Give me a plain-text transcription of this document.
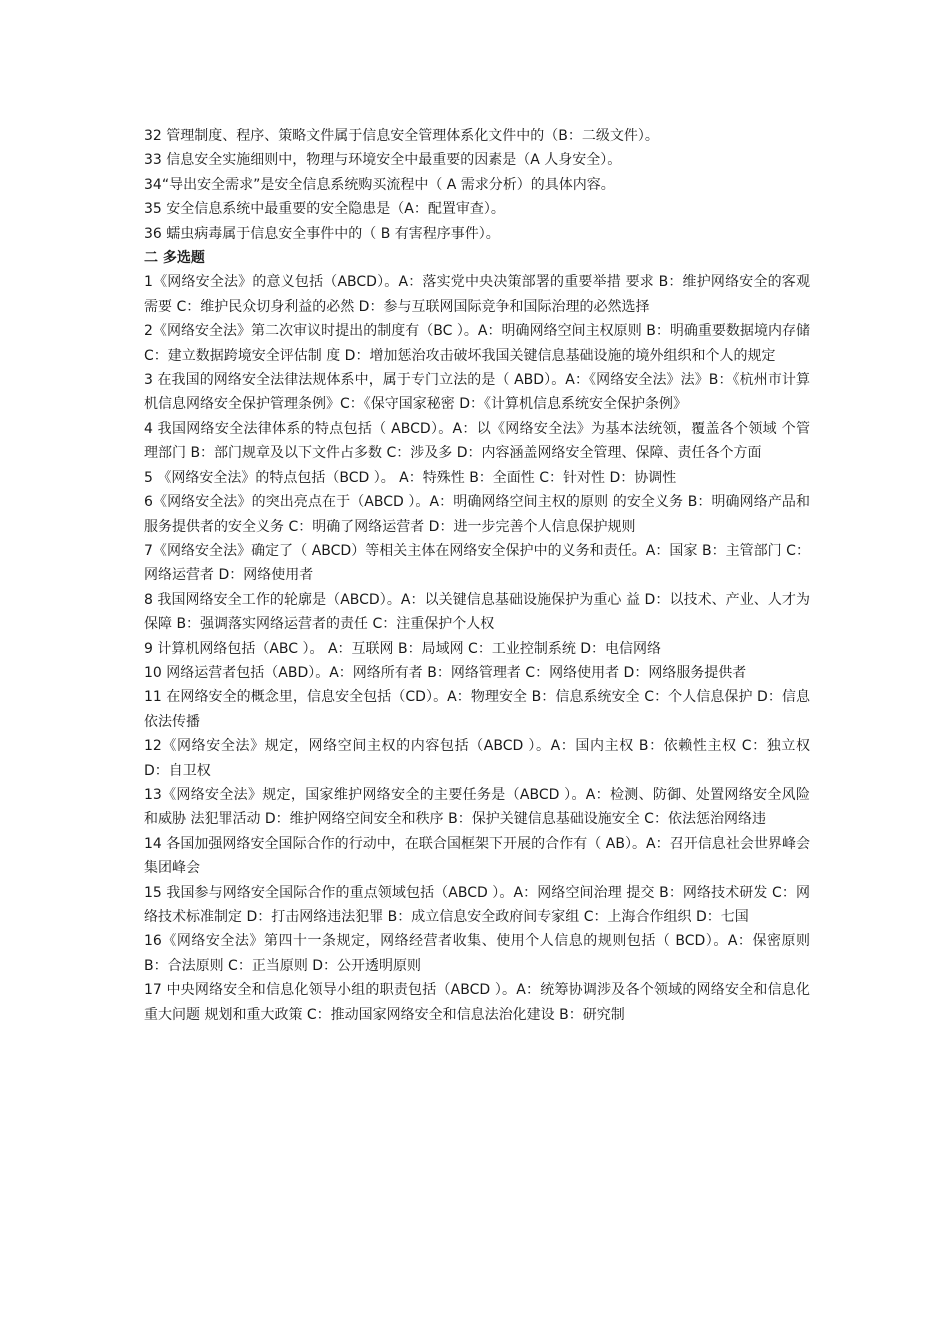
32 管理制度、程序、策略文件属于信息安全管理体系化文件中的（B：二级文件）。

33 信息安全实施细则中，物理与环境安全中最重要的因素是（A 人身安全）。

34“导出安全需求”是安全信息系统购买流程中（ A 需求分析）的具体内容。

35 安全信息系统中最重要的安全隐患是（A：配置审查）。

36 蠕虫病毒属于信息安全事件中的（ B 有害程序事件）。

二 多选题

1《网络安全法》的意义包括（ABCD）。A：落实党中央决策部署的重要举措 要求 B：维护网络安全的客观需要 C：维护民众切身利益的必然 D：参与互联网国际竞争和国际治理的必然选择

2《网络安全法》第二次审议时提出的制度有（BC ）。A：明确网络空间主权原则 B：明确重要数据境内存储 C：建立数据跨境安全评估制 度 D：增加惩治攻击破坏我国关键信息基础设施的境外组织和个人的规定

3 在我国的网络安全法律法规体系中，属于专门立法的是（ ABD）。A：《网络安全法》法》B：《杭州市计算机信息网络安全保护管理条例》C：《保守国家秘密 D：《计算机信息系统安全保护条例》

4 我国网络安全法律体系的特点包括（ ABCD）。A：以《网络安全法》为基本法统领，覆盖各个领域 个管理部门 B：部门规章及以下文件占多数 C：涉及多 D：内容涵盖网络安全管理、保障、责任各个方面

5 《网络安全法》的特点包括（BCD ）。 A：特殊性 B：全面性 C：针对性 D：协调性

6《网络安全法》的突出亮点在于（ABCD ）。A：明确网络空间主权的原则 的安全义务 B：明确网络产品和服务提供者的安全义务 C：明确了网络运营者 D：进一步完善个人信息保护规则

7《网络安全法》确定了（ ABCD）等相关主体在网络安全保护中的义务和责任。A：国家 B：主管部门 C：网络运营者 D：网络使用者

8 我国网络安全工作的轮廓是（ABCD）。A：以关键信息基础设施保护为重心 益 D：以技术、产业、人才为保障 B：强调落实网络运营者的责任 C：注重保护个人权

9 计算机网络包括（ABC ）。 A：互联网 B：局域网 C：工业控制系统 D：电信网络

10 网络运营者包括（ABD）。A：网络所有者 B：网络管理者 C：网络使用者 D：网络服务提供者

11 在网络安全的概念里，信息安全包括（CD）。A：物理安全 B：信息系统安全 C：个人信息保护 D：信息依法传播

12《网络安全法》规定，网络空间主权的内容包括（ABCD ）。A：国内主权 B：依赖性主权 C：独立权 D：自卫权

13《网络安全法》规定，国家维护网络安全的主要任务是（ABCD ）。A：检测、防御、处置网络安全风险和威胁 法犯罪活动 D：维护网络空间安全和秩序 B：保护关键信息基础设施安全 C：依法惩治网络违

14 各国加强网络安全国际合作的行动中，在联合国框架下开展的合作有（ AB）。A：召开信息社会世界峰会 集团峰会

15 我国参与网络安全国际合作的重点领域包括（ABCD ）。A：网络空间治理 提交 B：网络技术研发 C：网络技术标准制定 D：打击网络违法犯罪 B：成立信息安全政府间专家组 C：上海合作组织 D：七国

16《网络安全法》第四十一条规定，网络经营者收集、使用个人信息的规则包括（ BCD）。A：保密原则 B：合法原则 C：正当原则 D：公开透明原则

17 中央网络安全和信息化领导小组的职责包括（ABCD ）。A：统筹协调涉及各个领域的网络安全和信息化重大问题 规划和重大政策 C：推动国家网络安全和信息法治化建设 B：研究制
